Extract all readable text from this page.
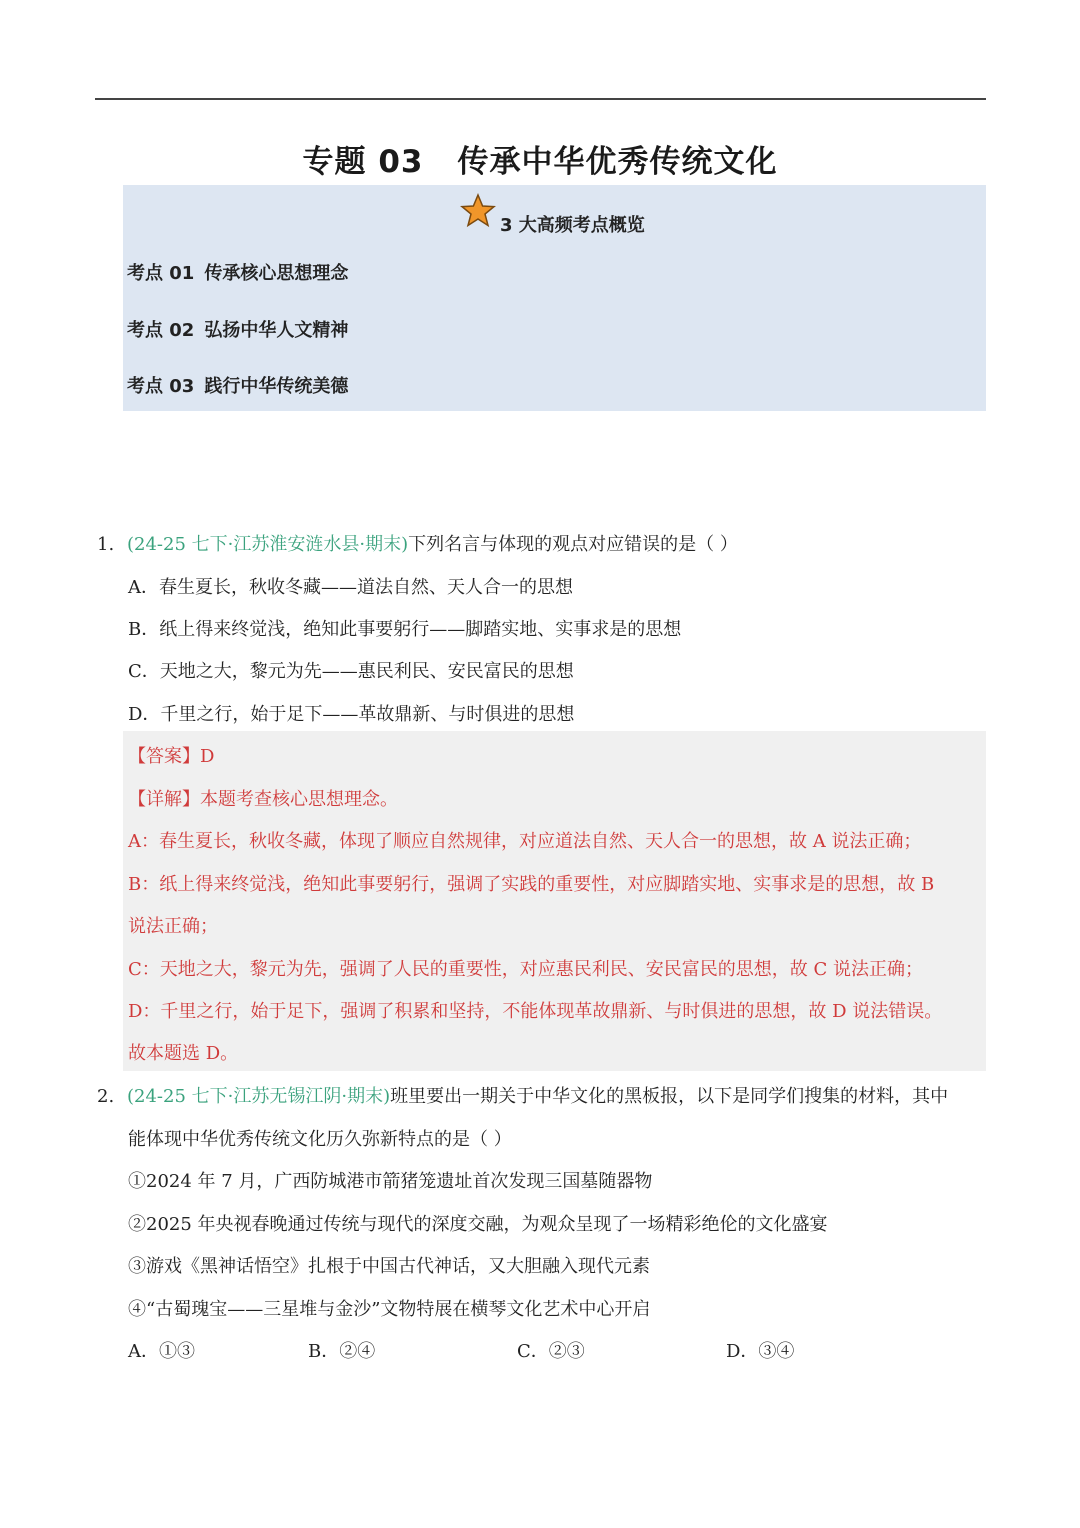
专题 03 传承中华优秀传统文化
3 大高频考点概览
考点 01 传承核心思想理念
考点 02 弘扬中华人文精神
考点 03 践行中华传统美德
1. (24-25 七下·江苏淮安涟水县·期末)下列名言与体现的观点对应错误的是（ ）
A．春生夏长，秋收冬藏——道法自然、天人合一的思想
B．纸上得来终觉浅，绝知此事要躬行——脚踏实地、实事求是的思想
C．天地之大，黎元为先——惠民利民、安民富民的思想
D．千里之行，始于足下——革故鼎新、与时俱进的思想
【答案】D
【详解】本题考查核心思想理念。
A：春生夏长，秋收冬藏，体现了顺应自然规律，对应道法自然、天人合一的思想，故 A 说法正确；
B：纸上得来终觉浅，绝知此事要躬行，强调了实践的重要性，对应脚踏实地、实事求是的思想，故 B
说法正确；
C：天地之大，黎元为先，强调了人民的重要性，对应惠民利民、安民富民的思想，故 C 说法正确；
D：千里之行，始于足下，强调了积累和坚持，不能体现革故鼎新、与时俱进的思想，故 D 说法错误。
故本题选 D。
2. (24-25 七下·江苏无锡江阴·期末)班里要出一期关于中华文化的黑板报，以下是同学们搜集的材料，其中
能体现中华优秀传统文化历久弥新特点的是（ ）
①2024 年 7 月，广西防城港市箭猪笼遗址首次发现三国墓随器物
②2025 年央视春晚通过传统与现代的深度交融，为观众呈现了一场精彩绝伦的文化盛宴
③游戏《黑神话悟空》扎根于中国古代神话，又大胆融入现代元素
④“古蜀瑰宝——三星堆与金沙”文物特展在横琴文化艺术中心开启
A．①③	B．②④	C．②③	D．③④
